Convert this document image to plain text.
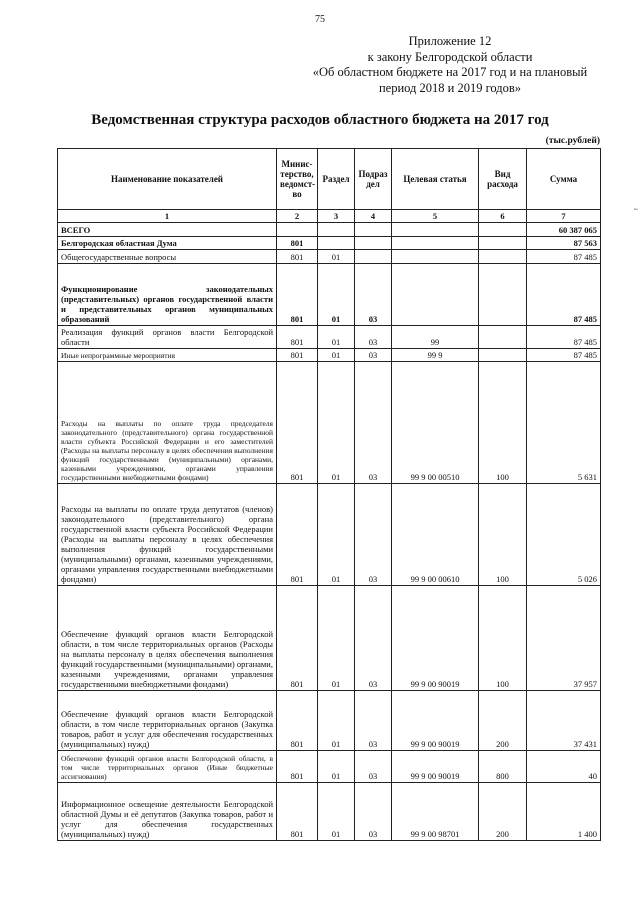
75
Приложение 12
к закону Белгородской области
«Об областном бюджете на 2017 год и на плановый
период 2018 и 2019 годов»
Ведомственная структура расходов областного бюджета на 2017 год
(тыс.рублей)
Наименование показателей	Минис-терство, ведомст-во	Раздел	Подраз дел	Целевая статья	Вид расхода	Сумма
1	2	3	4	5	6	7
ВСЕГО						60 387 065
Белгородская областная Дума	801					87 563
Общегосударственные вопросы	801	01				87 485
Функционирование законодательных (представительных) органов государственной власти и представительных органов муниципальных образований	801	01	03			87 485
Реализация функций органов власти Белгородской области	801	01	03	99		87 485
Иные непрограммные мероприятия	801	01	03	99 9		87 485
Расходы на выплаты по оплате труда председателя законодательного (представительного) органа государственной власти субъекта Российской Федерации и его заместителей (Расходы на выплаты персоналу в целях обеспечения выполнения функций государственными (муниципальными) органами, казенными учреждениями, органами управления государственными внебюджетными фондами)	801	01	03	99 9 00 00510	100	5 631
Расходы на выплаты по оплате труда депутатов (членов) законодательного (представительного) органа государственной власти субъекта Российской Федерации (Расходы на выплаты персоналу в целях обеспечения выполнения функций государственными (муниципальными) органами, казенными учреждениями, органами управления государственными внебюджетными фондами)	801	01	03	99 9 00 00610	100	5 026
Обеспечение функций органов власти Белгородской области, в том числе территориальных органов (Расходы на выплаты персоналу в целях обеспечения выполнения функций государственными (муниципальными) органами, казенными учреждениями, органами управления государственными внебюджетными фондами)	801	01	03	99 9 00 90019	100	37 957
Обеспечение функций органов власти Белгородской области, в том числе территориальных органов (Закупка товаров, работ и услуг для обеспечения государственных (муниципальных) нужд)	801	01	03	99 9 00 90019	200	37 431
Обеспечение функций органов власти Белгородской области, в том числе территориальных органов (Иные бюджетные ассигнования)	801	01	03	99 9 00 90019	800	40
Информационное освещение деятельности Белгородской областной Думы и её депутатов (Закупка товаров, работ и услуг для обеспечения государственных (муниципальных) нужд)	801	01	03	99 9 00 98701	200	1 400
~
